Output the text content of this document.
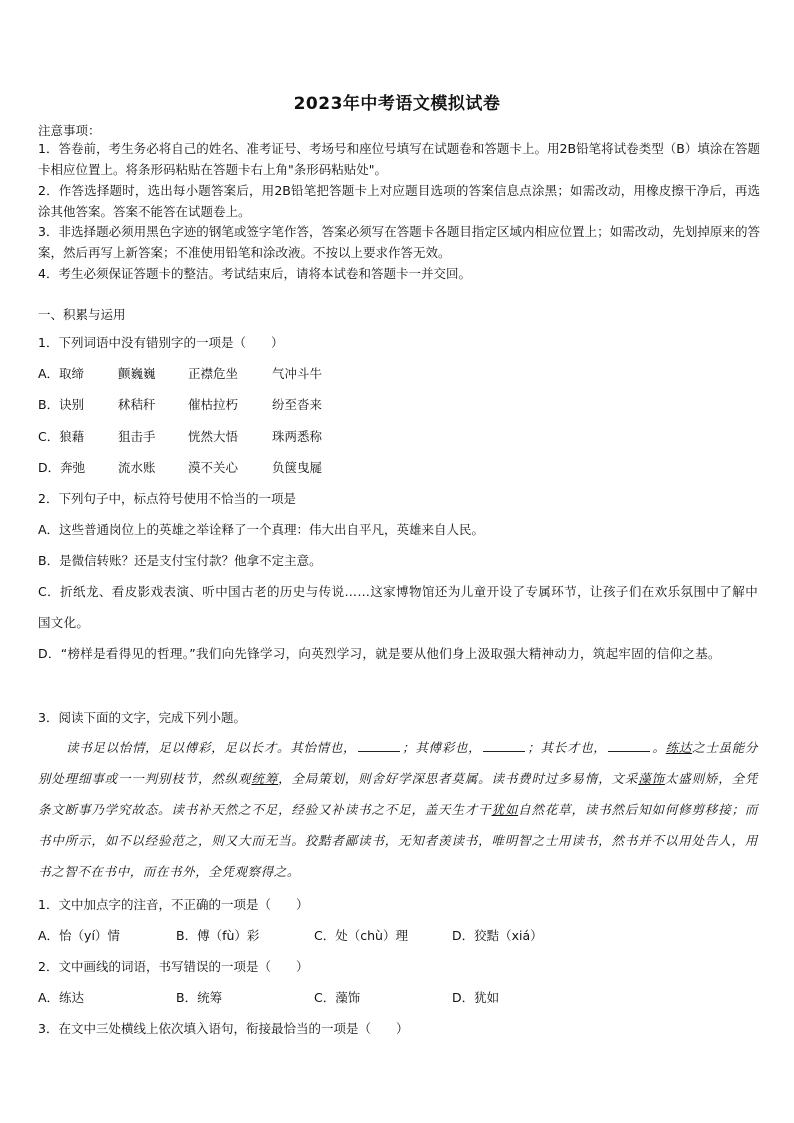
2023年中考语文模拟试卷
注意事项：
1．答卷前，考生务必将自己的姓名、准考证号、考场号和座位号填写在试题卷和答题卡上。用2B铅笔将试卷类型（B）填涂在答题卡相应位置上。将条形码粘贴在答题卡右上角"条形码粘贴处"。
2．作答选择题时，选出每小题答案后，用2B铅笔把答题卡上对应题目选项的答案信息点涂黑；如需改动，用橡皮擦干净后，再选涂其他答案。答案不能答在试题卷上。
3．非选择题必须用黑色字迹的钢笔或签字笔作答，答案必须写在答题卡各题目指定区域内相应位置上；如需改动，先划掉原来的答案，然后再写上新答案；不准使用铅笔和涂改液。不按以上要求作答无效。
4．考生必须保证答题卡的整洁。考试结束后，请将本试卷和答题卡一并交回。
一、积累与运用
1．下列词语中没有错别字的一项是（　　）
A．取缔	颤巍巍	正襟危坐	气冲斗牛
B．诀别	秫秸秆	催枯拉朽	纷至沓来
C．狼藉	狙击手	恍然大悟	珠两悉称
D．奔弛	流水账	漠不关心	负箧曳屣
2．下列句子中，标点符号使用不恰当的一项是
A．这些普通岗位上的英雄之举诠释了一个真理：伟大出自平凡，英雄来自人民。
B．是微信转账？还是支付宝付款？他拿不定主意。
C．折纸龙、看皮影戏表演、听中国古老的历史与传说……这家博物馆还为儿童开设了专属环节，让孩子们在欢乐氛围中了解中国文化。
D．“榜样是看得见的哲理。”我们向先锋学习，向英烈学习，就是要从他们身上汲取强大精神动力，筑起牢固的信仰之基。
3．阅读下面的文字，完成下列小题。
读书足以怡情，足以傅彩，足以长才。其怡情也，	；其傅彩也，	；其长才也，	。练达之士虽能分别处理细事或一一判别枝节，然纵观统筹，全局策划，则舍好学深思者莫属。读书费时过多易惰，文采藻饰太盛则矫，全凭条文断事乃学究故态。读书补天然之不足，经验又补读书之不足，盖天生才干犹如自然花草，读书然后知如何修剪移接；而书中所示，如不以经验范之，则又大而无当。狡黠者鄙读书，无知者羡读书，唯明智之士用读书，然书并不以用处告人，用书之智不在书中，而在书外，全凭观察得之。
1．文中加点字的注音，不正确的一项是（　　）
A．怡（yí）情	B．傅（fù）彩	C．处（chù）理	D．狡黠（xiá）
2．文中画线的词语，书写错误的一项是（　　）
A．练达	B．统筹	C．藻饰	D．犹如
3．在文中三处横线上依次填入语句，衔接最恰当的一项是（　　）
